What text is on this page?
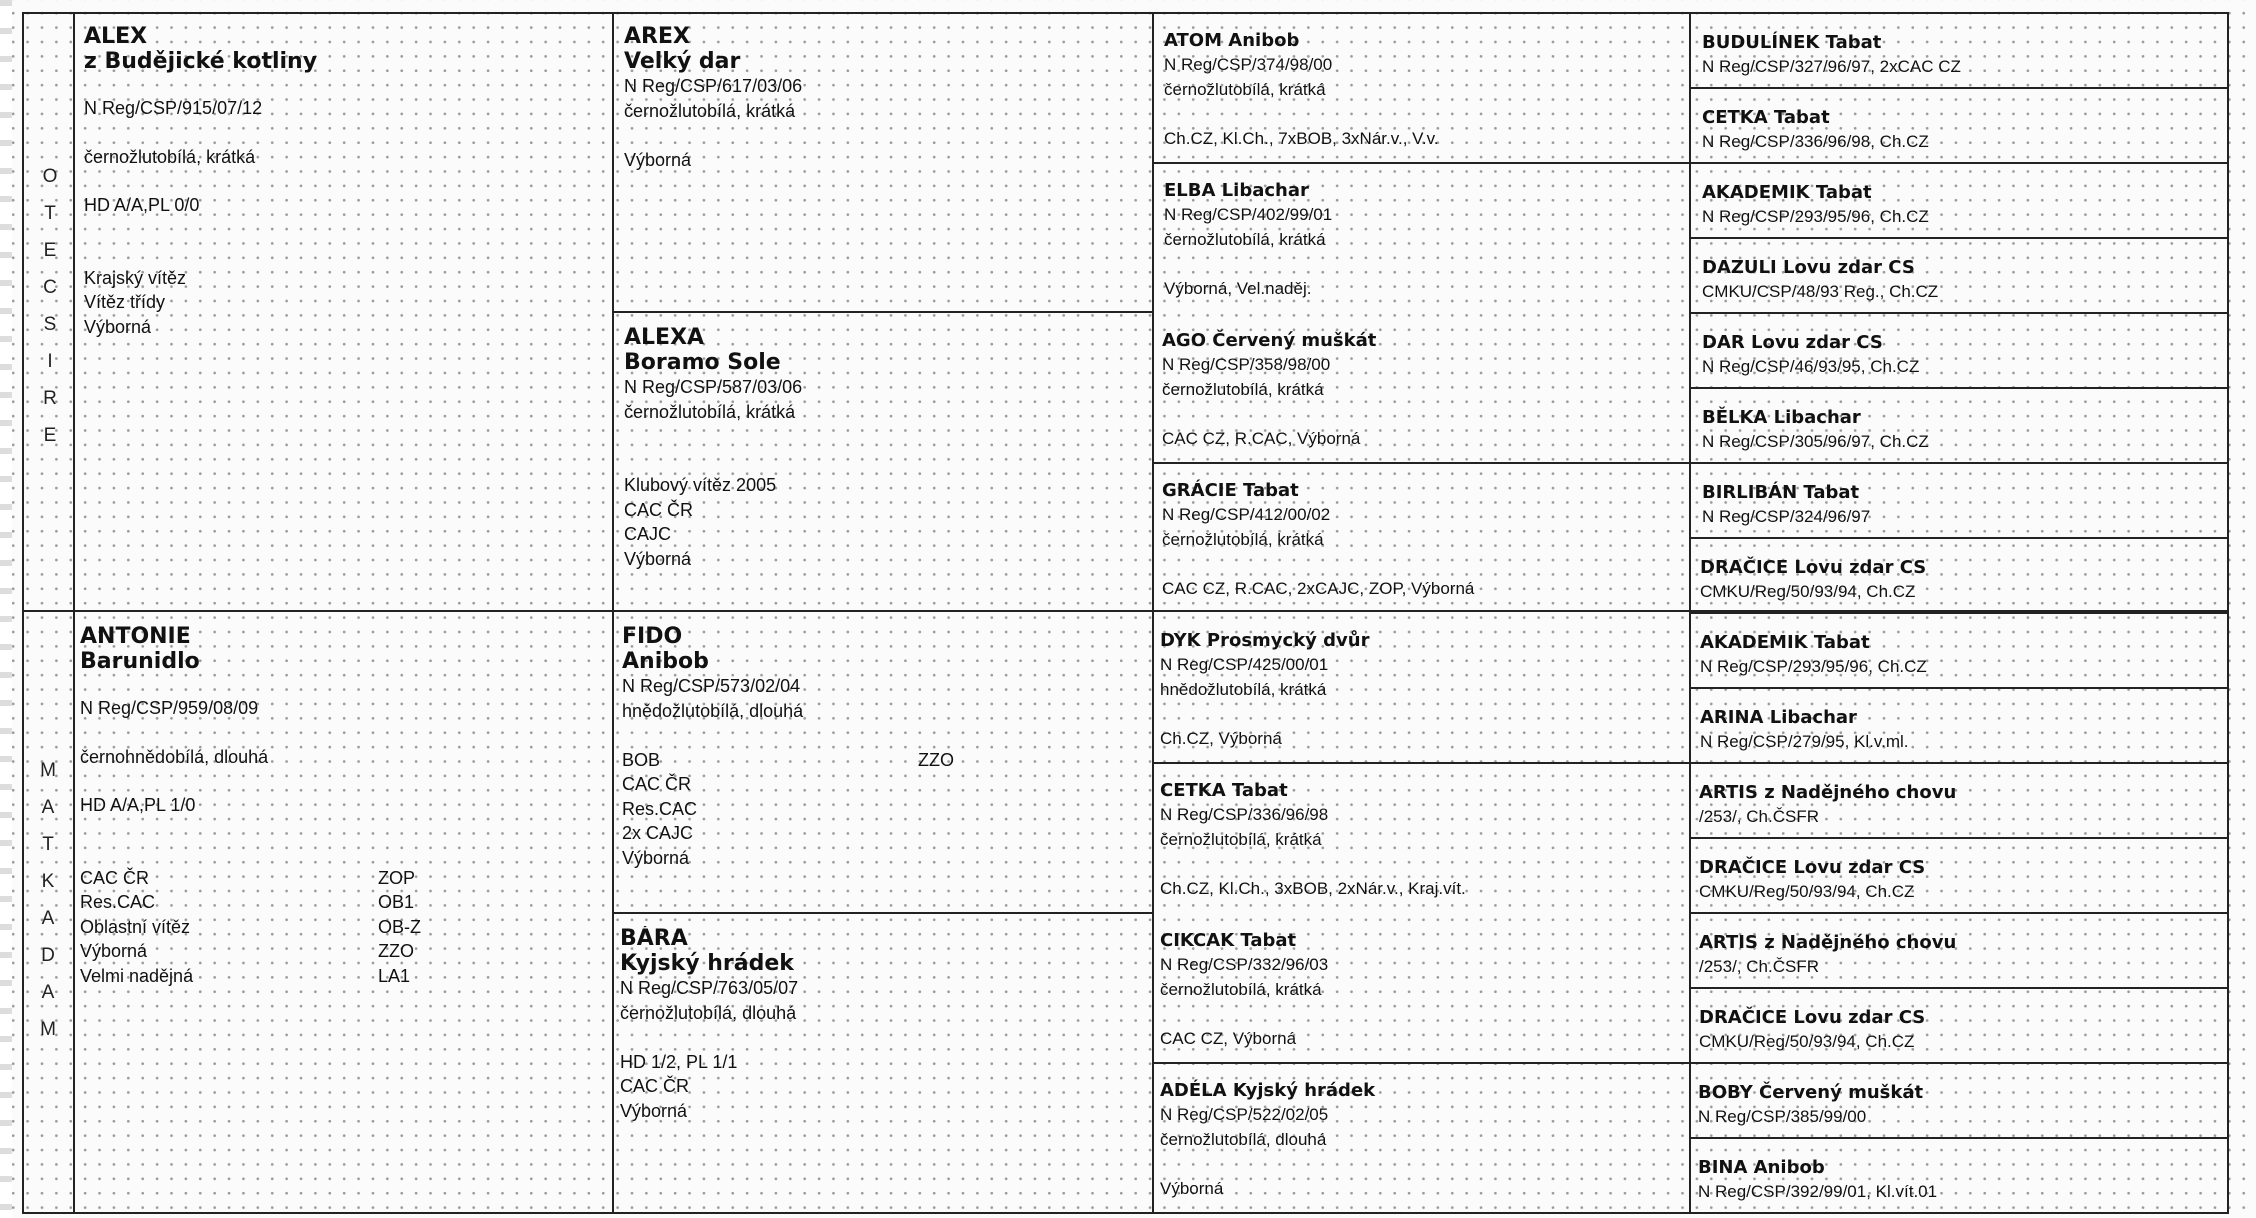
O
T
E
C
S
I
R
E
M
A
T
K
A
D
A
M
ALEX
z Budějické kotliny
N Reg/CSP/915/07/12
černožlutobílá, krátká
HD A/A,PL 0/0
Krajský vítěz
Vítěz třídy
Výborná
ANTONIE
Barunidlo
N Reg/CSP/959/08/09
černohnědobílá, dlouhá
HD A/A,PL 1/0
CAC ČR
Res.CAC
Oblastní vítěz
Výborná
Velmi nadějná
ZOP
OB1
OB-Z
ZZO
LA1
AREX
Velký dar
N Reg/CSP/617/03/06
černožlutobílá, krátká
Výborná
ALEXA
Boramo Sole
N Reg/CSP/587/03/06
černožlutobílá, krátká
Klubový vítěz 2005
CAC ČR
CAJC
Výborná
FIDO
Anibob
N Reg/CSP/573/02/04
hnědožlutobílá, dlouhá
BOB
CAC ČR
Res.CAC
2x CAJC
Výborná
ZZO
BÁRA
Kyjský hrádek
N Reg/CSP/763/05/07
černožlutobílá, dlouhá
HD 1/2, PL 1/1
CAC ČR
Výborná
ATOM Anibob
N Reg/CSP/374/98/00
černožlutobílá, krátká
Ch.CZ, Kl.Ch., 7xBOB, 3xNár.v., V.v.
ELBA Libachar
N Reg/CSP/402/99/01
černožlutobílá, krátká
Výborná, Vel.naděj.
AGO Červený muškát
N Reg/CSP/358/98/00
černožlutobílá, krátká
CAC CZ, R.CAC, Výborná
GRÁCIE Tabat
N Reg/CSP/412/00/02
černožlutobílá, krátká
CAC CZ, R.CAC, 2xCAJC, ZOP, Výborná
DYK Prosmycký dvůr
N Reg/CSP/425/00/01
hnědožlutobílá, krátká
Ch.CZ, Výborná
CETKA Tabat
N Reg/CSP/336/96/98
černožlutobílá, krátká
Ch.CZ, Kl.Ch., 3xBOB, 2xNár.v., Kraj.vít.
CIKCAK Tabat
N Reg/CSP/332/96/03
černožlutobílá, krátká
CAC CZ, Výborná
ADÉLA Kyjský hrádek
N Reg/CSP/522/02/05
černožlutobílá, dlouhá
Výborná
BUDULÍNEK Tabat
N Reg/CSP/327/96/97, 2xCAC CZ
CETKA Tabat
N Reg/CSP/336/96/98, Ch.CZ
AKADEMIK Tabat
N Reg/CSP/293/95/96, Ch.CZ
DAZULI Lovu zdar CS
CMKU/CSP/48/93 Reg., Ch.CZ
DAR Lovu zdar CS
N Reg/CSP/46/93/95, Ch.CZ
BĚLKA Libachar
N Reg/CSP/305/96/97, Ch.CZ
BIRLIBÁN Tabat
N Reg/CSP/324/96/97
DRAČICE Lovu zdar CS
CMKU/Reg/50/93/94, Ch.CZ
AKADEMIK Tabat
N Reg/CSP/293/95/96, Ch.CZ
ARINA Libachar
N Reg/CSP/279/95, Kl.v.ml.
ARTIS z Nadějného chovu
/253/, Ch.ČSFR
DRAČICE Lovu zdar CS
CMKU/Reg/50/93/94, Ch.CZ
ARTIS z Nadějného chovu
/253/, Ch.ČSFR
DRAČICE Lovu zdar CS
CMKU/Reg/50/93/94, Ch.CZ
BOBY Červený muškát
N Reg/CSP/385/99/00
BINA Anibob
N Reg/CSP/392/99/01, Kl.vít.01
